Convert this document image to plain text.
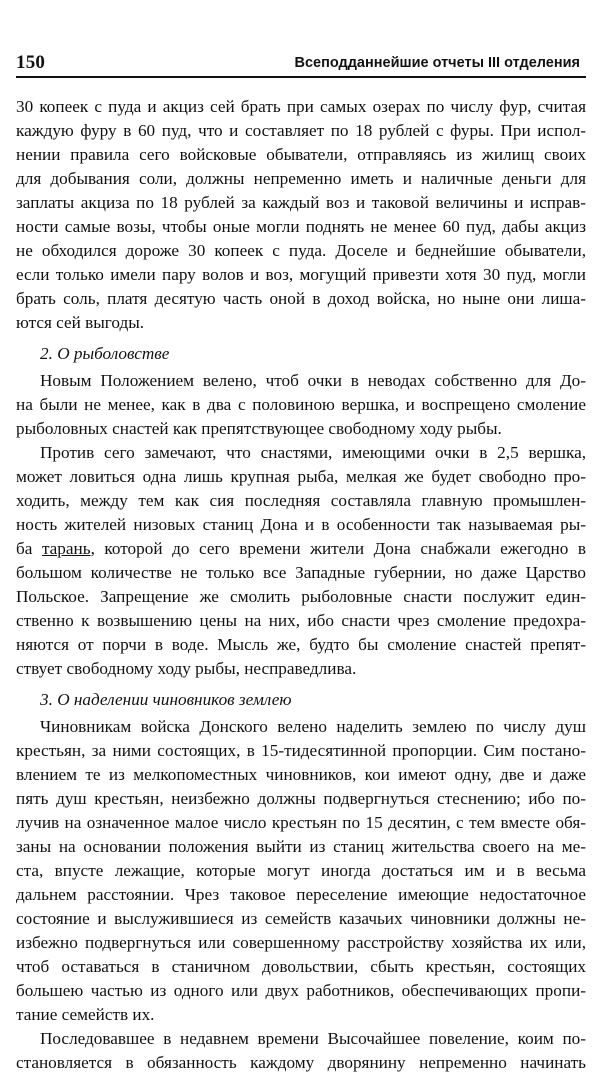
150	Всеподданнейшие отчеты III отделения
30 копеек с пуда и акциз сей брать при самых озерах по числу фур, считая
каждую фуру в 60 пуд, что и составляет по 18 рублей с фуры. При испол-
нении правила сего войсковые обыватели, отправляясь из жилищ своих
для добывания соли, должны непременно иметь и наличные деньги для
заплаты акциза по 18 рублей за каждый воз и таковой величины и исправ-
ности самые возы, чтобы оные могли поднять не менее 60 пуд, дабы акциз
не обходился дороже 30 копеек с пуда. Доселе и беднейшие обыватели,
если только имели пару волов и воз, могущий привезти хотя 30 пуд, могли
брать соль, платя десятую часть оной в доход войска, но ныне они лиша-
ются сей выгоды.
2. О рыболовстве
Новым Положением велено, чтоб очки в неводах собственно для До-
на были не менее, как в два с половиною вершка, и воспрещено смоление
рыболовных снастей как препятствующее свободному ходу рыбы.
Против сего замечают, что снастями, имеющими очки в 2,5 вершка,
может ловиться одна лишь крупная рыба, мелкая же будет свободно про-
ходить, между тем как сия последняя составляла главную промышлен-
ность жителей низовых станиц Дона и в особенности так называемая ры-
ба тарань, которой до сего времени жители Дона снабжали ежегодно в
большом количестве не только все Западные губернии, но даже Царство
Польское. Запрещение же смолить рыболовные снасти послужит един-
ственно к возвышению цены на них, ибо снасти чрез смоление предохра-
няются от порчи в воде. Мысль же, будто бы смоление снастей препят-
ствует свободному ходу рыбы, несправедлива.
3. О наделении чиновников землею
Чиновникам войска Донского велено наделить землею по числу душ
крестьян, за ними состоящих, в 15-тидесятинной пропорции. Сим постано-
влением те из мелкопоместных чиновников, кои имеют одну, две и даже
пять душ крестьян, неизбежно должны подвергнуться стеснению; ибо по-
лучив на означенное малое число крестьян по 15 десятин, с тем вместе обя-
заны на основании положения выйти из станиц жительства своего на ме-
ста, впусте лежащие, которые могут иногда достаться им и в весьма
дальнем расстоянии. Чрез таковое переселение имеющие недостаточное
состояние и выслужившиеся из семейств казачьих чиновники должны не-
избежно подвергнуться или совершенному расстройству хозяйства их или,
чтоб оставаться в станичном довольствии, сбыть крестьян, состоящих
большею частью из одного или двух работников, обеспечивающих пропи-
тание семейств их.
Последовавшее в недавнем времени Высочайшее повеление, коим по-
становляется в обязанность каждому дворянину непременно начинать
